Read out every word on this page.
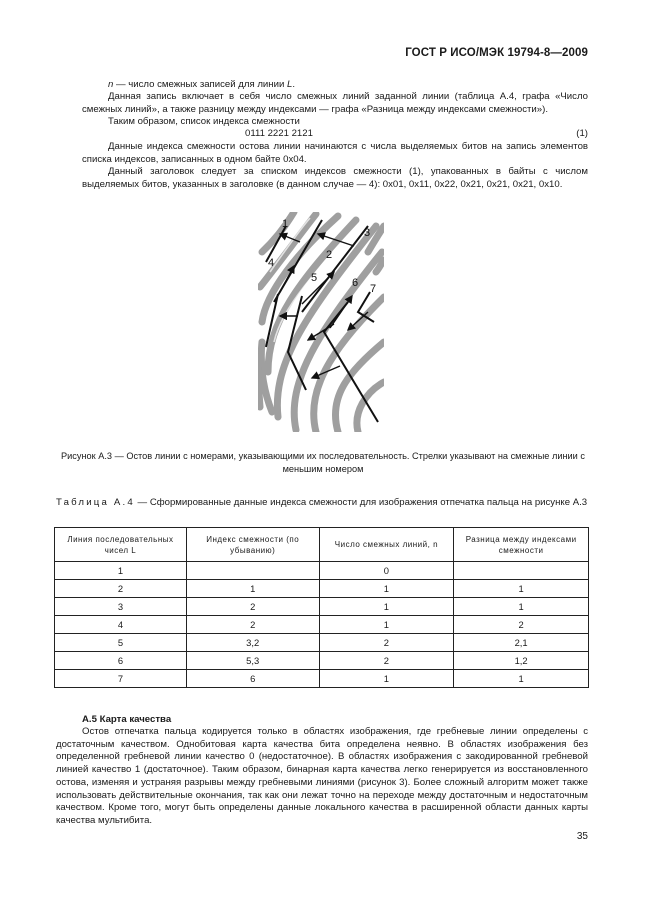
ГОСТ Р ИСО/МЭК 19794-8—2009
n — число смежных записей для линии L.
Данная запись включает в себя число смежных линий заданной линии (таблица А.4, графа «Число смежных линий», а также разницу между индексами — графа «Разница между индексами смежности»).
Таким образом, список индекса смежности
0111 2221 2121	(1)
Данные индекса смежности остова линии начинаются с числа выделяемых битов на запись элементов списка индексов, записанных в одном байте 0x04.
Данный заголовок следует за списком индексов смежности (1), упакованных в байты с числом выделяемых битов, указанных в заголовке (в данном случае — 4): 0x01, 0x11, 0x22, 0x21, 0x21, 0x21, 0x10.
1
2
3
4
5	6 7
Рисунок А.3 — Остов линии с номерами, указывающими их последовательность. Стрелки указывают на смежные линии с меньшим номером
Таблица А.4 — Сформированные данные индекса смежности для изображения отпечатка пальца на рисунке А.3
Линия последовательных чисел L	Индекс смежности (по убыванию)	Число смежных линий, n	Разница между индексами смежности
1		0	
2	1	1	1
3	2	1	1
4	2	1	2
5	3,2	2	2,1
6	5,3	2	1,2
7	6	1	1
А.5 Карта качества
Остов отпечатка пальца кодируется только в областях изображения, где гребневые линии определены с достаточным качеством. Однобитовая карта качества бита определена неявно. В областях изображения без определенной гребневой линии качество 0 (недостаточное). В областях изображения с закодированной гребневой линией качество 1 (достаточное). Таким образом, бинарная карта качества легко генерируется из восстановленного остова, изменяя и устраняя разрывы между гребневыми линиями (рисунок 3). Более сложный алгоритм может также использовать действительные окончания, так как они лежат точно на переходе между достаточным и недостаточным качеством. Кроме того, могут быть определены данные локального качества в расширенной области данных карты качества мультибита.
35
